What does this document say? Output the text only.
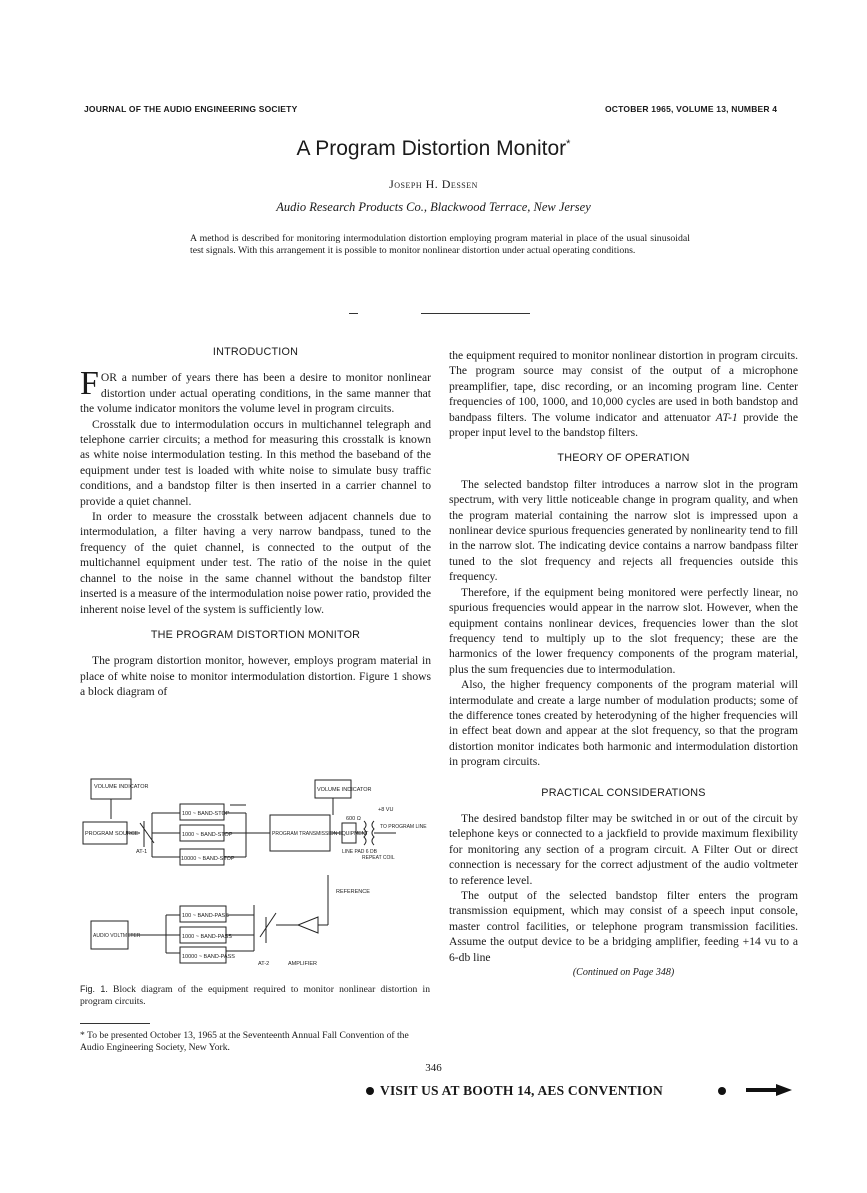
JOURNAL OF THE AUDIO ENGINEERING SOCIETY	OCTOBER 1965, VOLUME 13, NUMBER 4
A Program Distortion Monitor*
Joseph H. Dessen
Audio Research Products Co., Blackwood Terrace, New Jersey
A method is described for monitoring intermodulation distortion employing program material in place of the usual sinusoidal test signals. With this arrangement it is possible to monitor nonlinear distortion under actual operating conditions.
INTRODUCTION

FOR a number of years there has been a desire to monitor nonlinear distortion under actual operating conditions, in the same manner that the volume indicator monitors the volume level in program circuits.

Crosstalk due to intermodulation occurs in multichannel telegraph and telephone carrier circuits; a method for measuring this crosstalk is known as white noise intermodulation testing. In this method the baseband of the equipment under test is loaded with white noise to simulate busy traffic conditions, and a bandstop filter is then inserted in a carrier channel to provide a quiet channel.

In order to measure the crosstalk between adjacent channels due to intermodulation, a filter having a very narrow bandpass, tuned to the frequency of the quiet channel, is connected to the output of the multichannel equipment under test. The ratio of the noise in the quiet channel to the noise in the same channel without the bandstop filter inserted is a measure of the intermodulation noise power ratio, provided the inherent noise level of the system is sufficiently low.

THE PROGRAM DISTORTION MONITOR

The program distortion monitor, however, employs program material in place of white noise to monitor intermodulation distortion. Figure 1 shows a block diagram of

VOLUME INDICATOR
PROGRAM SOURCE
AT-1
100 ~ BAND-STOP
1000 ~ BAND-STOP
10000 ~ BAND-STOP
PROGRAM TRANSMISSION EQUIPMENT
VOLUME INDICATOR
+8 VU
TO PROGRAM LINE
600 Ω
LINE PAD 6 DB
REPEAT COIL
REFERENCE
AUDIO VOLTMETER
100 ~ BAND-PASS
1000 ~ BAND-PASS
10000 ~ BAND-PASS
AT-2	AMPLIFIER
Fig. 1. Block diagram of the equipment required to monitor nonlinear distortion in program circuits.
* To be presented October 13, 1965 at the Seventeenth Annual Fall Convention of the Audio Engineering Society, New York.

the equipment required to monitor nonlinear distortion in program circuits. The program source may consist of the output of a microphone preamplifier, tape, disc recording, or an incoming program line. Center frequencies of 100, 1000, and 10,000 cycles are used in both bandstop and bandpass filters. The volume indicator and attenuator AT-1 provide the proper input level to the bandstop filters.

THEORY OF OPERATION

The selected bandstop filter introduces a narrow slot in the program spectrum, with very little noticeable change in program quality, and when the program material containing the narrow slot is impressed upon a nonlinear device spurious frequencies generated by nonlinearity tend to fill in the narrow slot. The indicating device contains a narrow bandpass filter tuned to the slot frequency and rejects all frequencies outside this frequency.

Therefore, if the equipment being monitored were perfectly linear, no spurious frequencies would appear in the narrow slot. However, when the equipment contains nonlinear devices, frequencies lower than the slot frequency tend to multiply up to the slot frequency; these are the harmonics of the lower frequency components of the program material, plus the sum frequencies due to intermodulation.

Also, the higher frequency components of the program material will intermodulate and create a large number of modulation products; some of the difference tones created by heterodyning of the higher frequencies will in effect beat down and appear at the slot frequency, so that the program distortion monitor indicates both harmonic and intermodulation distortion in program circuits.

PRACTICAL CONSIDERATIONS

The desired bandstop filter may be switched in or out of the circuit by telephone keys or connected to a jackfield to provide maximum flexibility for monitoring any section of a program circuit. A Filter Out or direct connection is necessary for the correct adjustment of the audio voltmeter to reference level.

The output of the selected bandstop filter enters the program transmission equipment, which may consist of a speech input console, master control facilities, or telephone program transmission facilities. Assume the output device to be a bridging amplifier, feeding +14 vu to a 6-db line

(Continued on Page 348)
346
VISIT US AT BOOTH 14, AES CONVENTION
